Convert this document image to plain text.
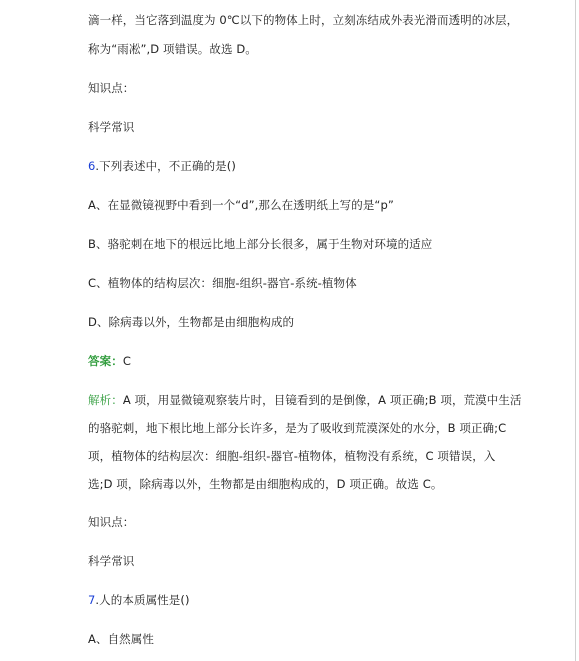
滴一样，当它落到温度为 0℃以下的物体上时，立刻冻结成外表光滑而透明的冰层，
称为“雨凇”,D 项错误。故选 D。
知识点：
科学常识
6.下列表述中，不正确的是()
A、在显微镜视野中看到一个“d”,那么在透明纸上写的是“p”
B、骆驼刺在地下的根远比地上部分长很多，属于生物对环境的适应
C、植物体的结构层次：细胞-组织-器官-系统-植物体
D、除病毒以外，生物都是由细胞构成的
答案：C
解析：A 项，用显微镜观察装片时，目镜看到的是倒像，A 项正确;B 项，荒漠中生活
的骆驼刺，地下根比地上部分长许多，是为了吸收到荒漠深处的水分，B 项正确;C
项，植物体的结构层次：细胞-组织-器官-植物体，植物没有系统，C 项错误，入
选;D 项，除病毒以外，生物都是由细胞构成的，D 项正确。故选 C。
知识点：
科学常识
7.人的本质属性是()
A、自然属性
